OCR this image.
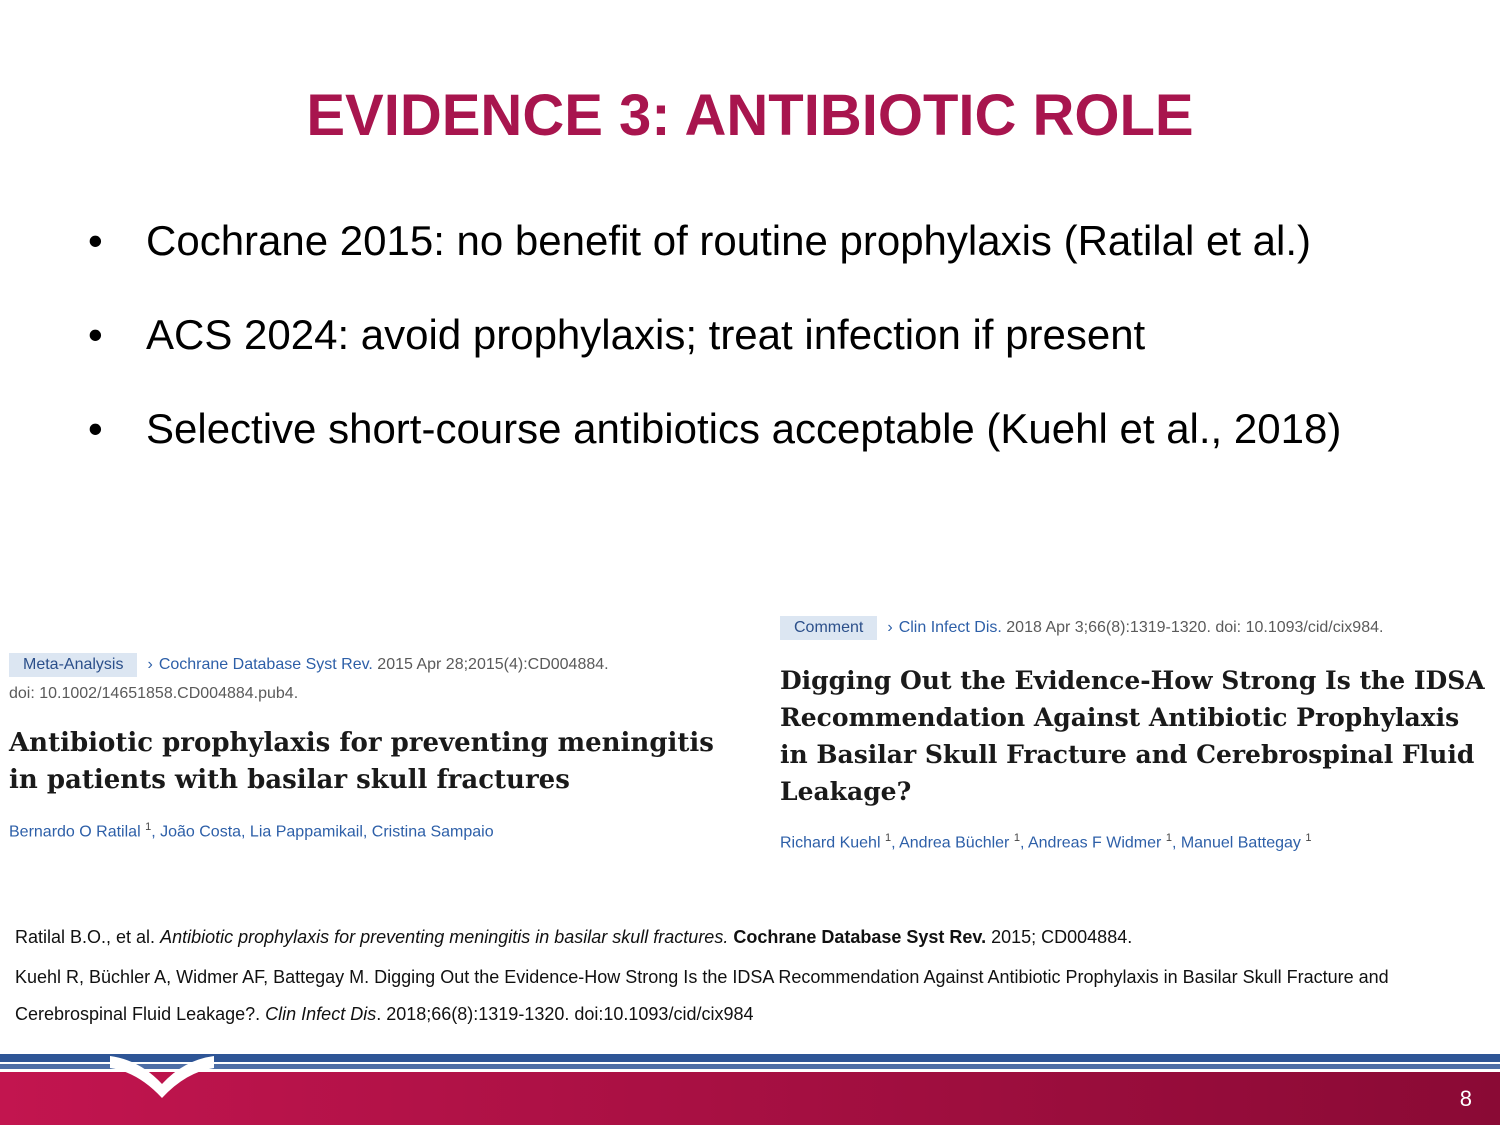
EVIDENCE 3: ANTIBIOTIC ROLE
• Cochrane 2015: no benefit of routine prophylaxis (Ratilal et al.)
• ACS 2024: avoid prophylaxis; treat infection if present
• Selective short-course antibiotics acceptable (Kuehl et al., 2018)
Meta-Analysis › Cochrane Database Syst Rev. 2015 Apr 28;2015(4):CD004884.
doi: 10.1002/14651858.CD004884.pub4.
Antibiotic prophylaxis for preventing meningitis in patients with basilar skull fractures
Bernardo O Ratilal $^1$, João Costa, Lia Pappamikail, Cristina Sampaio
Comment › Clin Infect Dis. 2018 Apr 3;66(8):1319-1320. doi: 10.1093/cid/cix984.
Digging Out the Evidence-How Strong Is the IDSA Recommendation Against Antibiotic Prophylaxis in Basilar Skull Fracture and Cerebrospinal Fluid Leakage?
Richard Kuehl $^1$, Andrea Büchler $^1$, Andreas F Widmer $^1$, Manuel Battegay $^1$

Ratilal B.O., et al. Antibiotic prophylaxis for preventing meningitis in basilar skull fractures. Cochrane Database Syst Rev. 2015; CD004884.

Kuehl R, Büchler A, Widmer AF, Battegay M. Digging Out the Evidence-How Strong Is the IDSA Recommendation Against Antibiotic Prophylaxis in Basilar Skull Fracture and Cerebrospinal Fluid Leakage?. Clin Infect Dis. 2018;66(8):1319-1320. doi:10.1093/cid/cix984

8
